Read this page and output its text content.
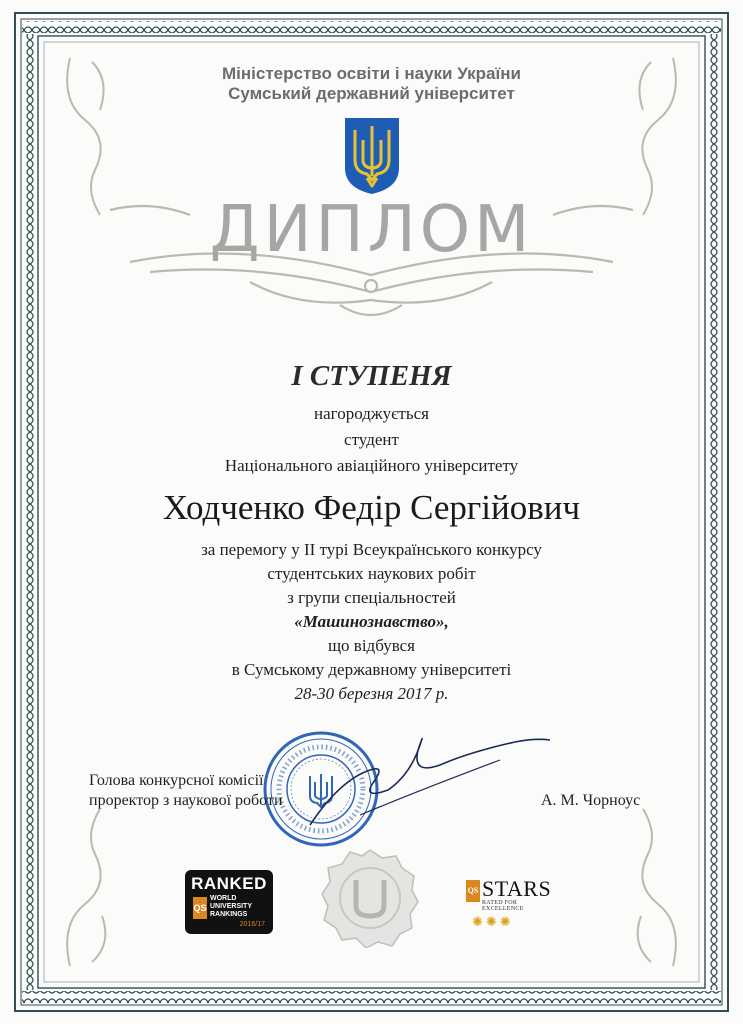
Міністерство освіти і науки України
Сумський державний університет
ДИПЛОМ
І СТУПЕНЯ
нагороджується
студент
Національного авіаційного університету
Ходченко Федір Сергійович
за перемогу у ІІ турі Всеукраїнського конкурсу
студентських наукових робіт
з групи спеціальностей
«Машинознавство»,
що відбувся
в Сумському державному університеті
28-30 березня 2017 р.
Голова конкурсної комісії
проректор з наукової роботи	А. М. Чорноус
RANKED
QS
WORLD
UNIVERSITY
RANKINGS
2016/17
QS STARS
RATED FOR EXCELLENCE
✺✺✺
